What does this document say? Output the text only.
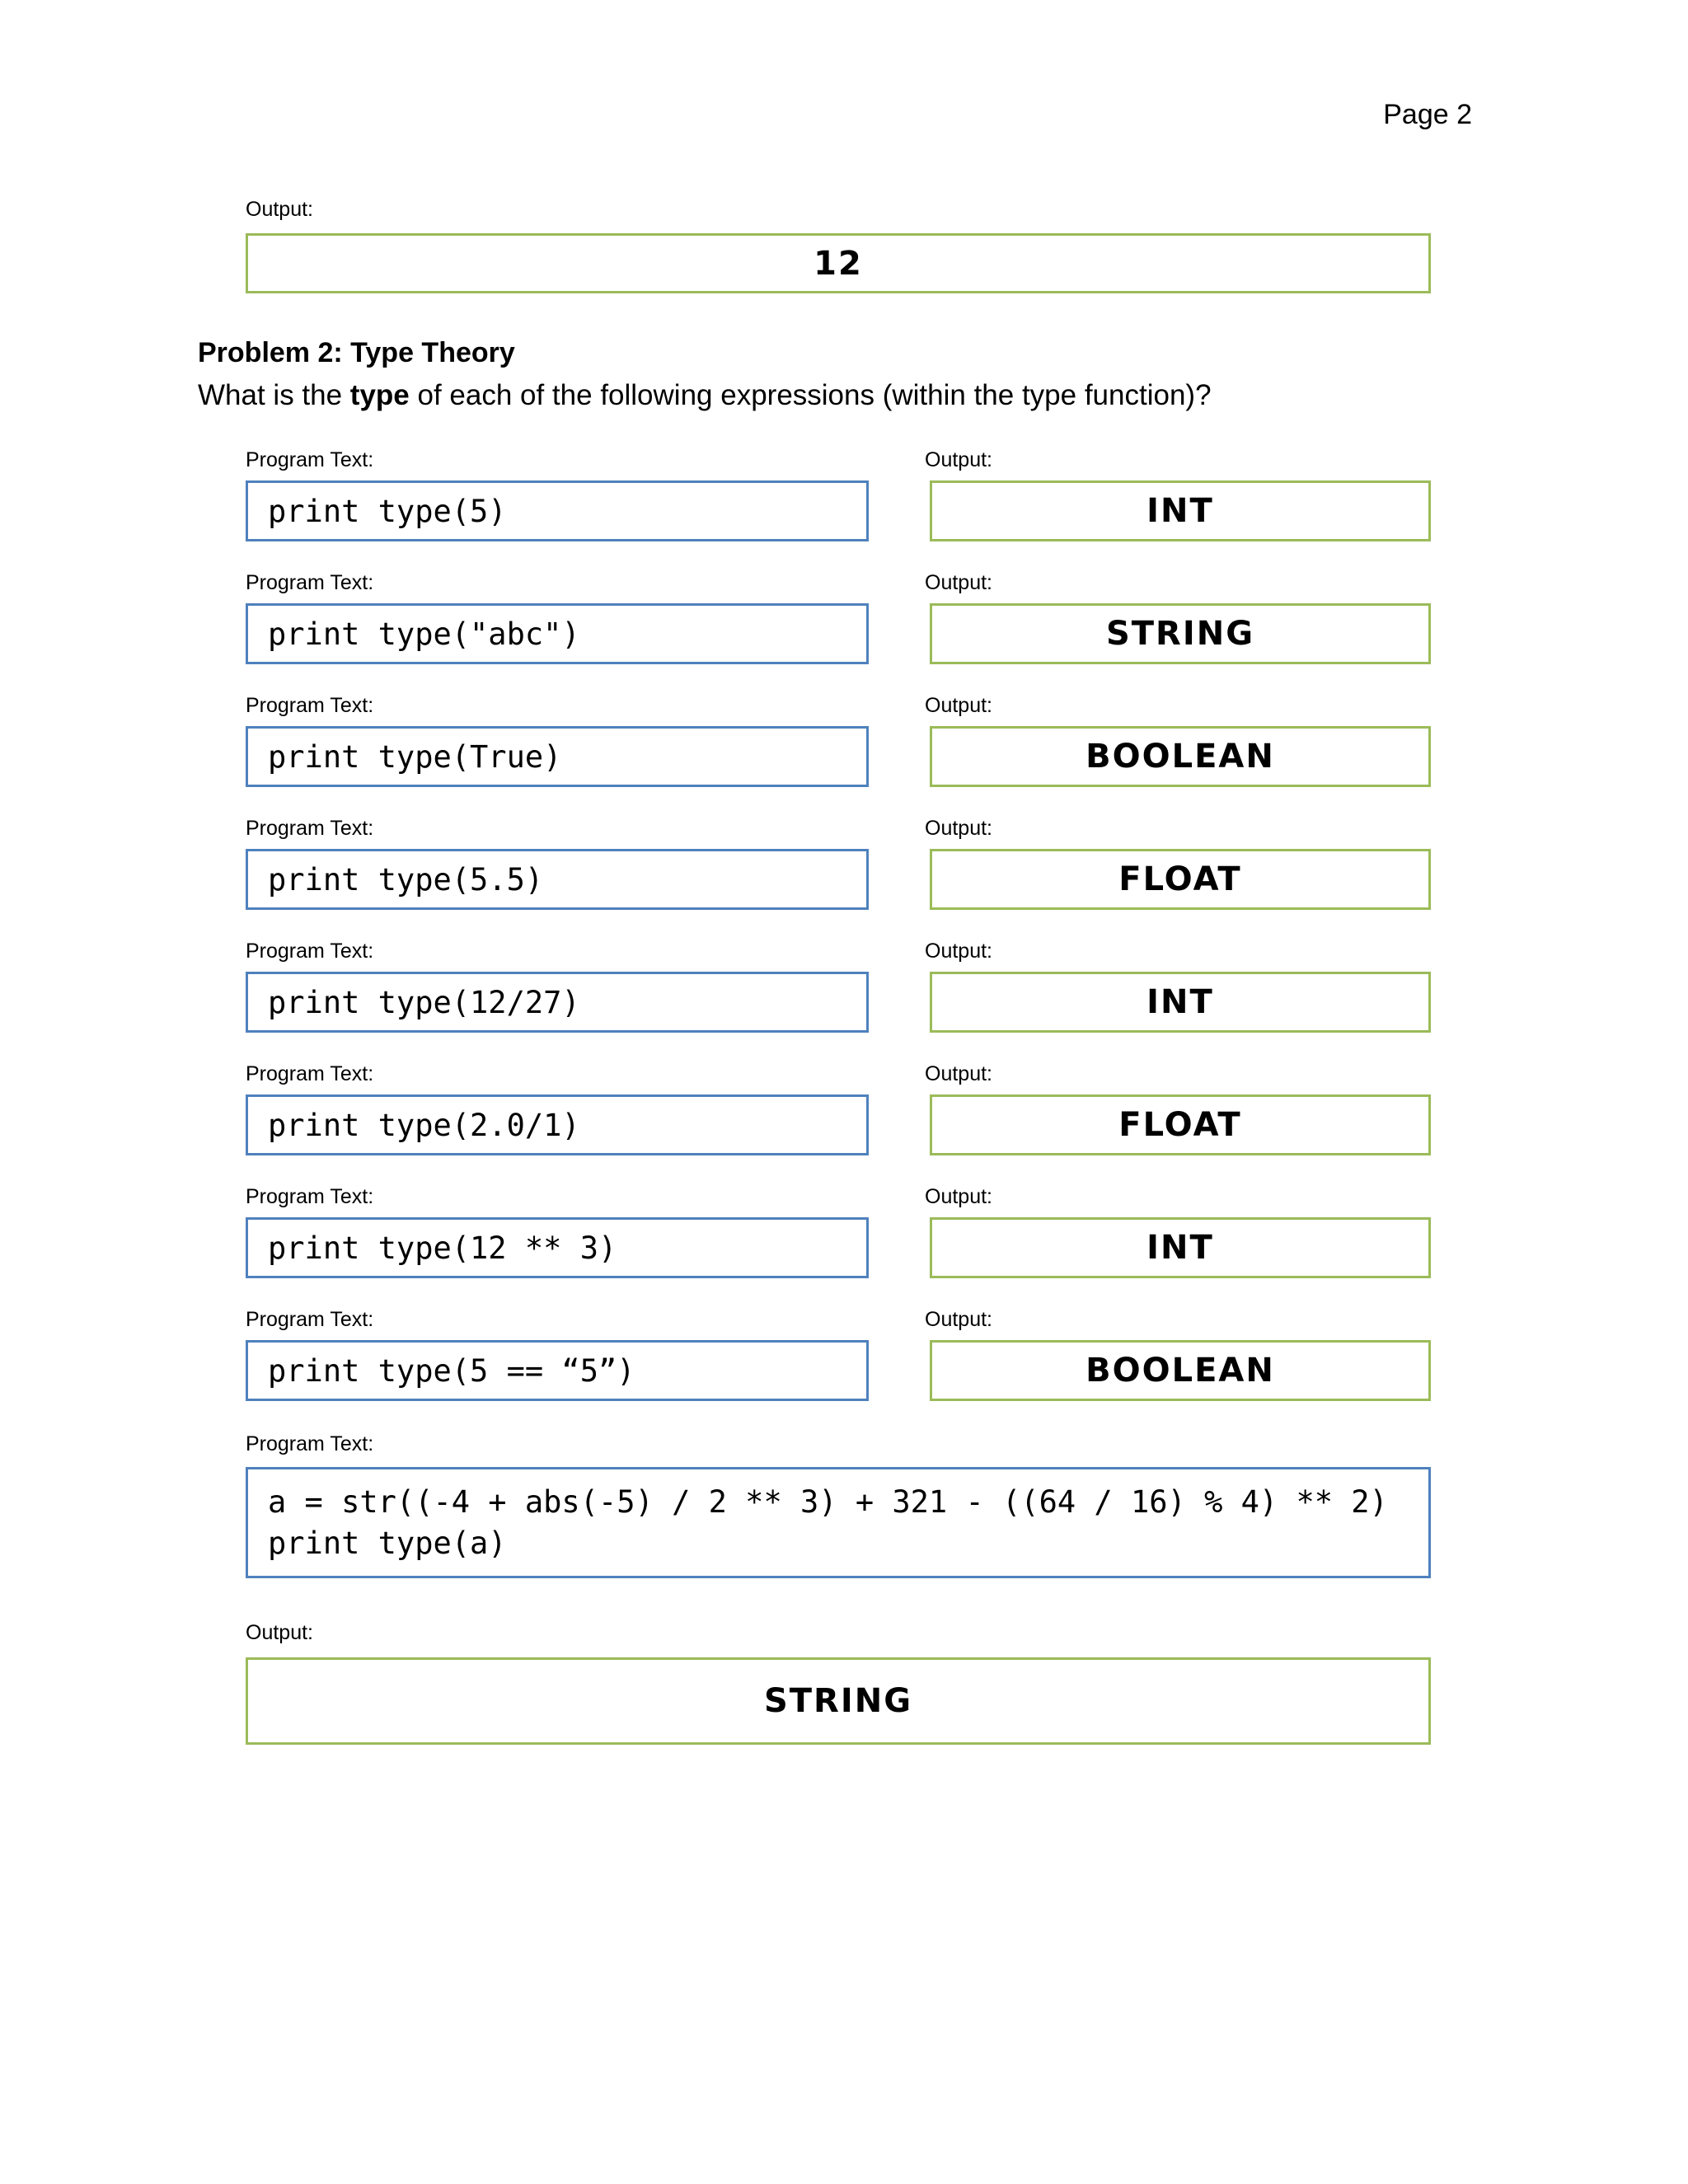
Page 2
Output:
12
Problem 2: Type Theory
What is the type of each of the following expressions (within the type function)?
Program Text:
print type(5)
Output:
INT
Program Text:
print type("abc")
Output:
STRING
Program Text:
print type(True)
Output:
BOOLEAN
Program Text:
print type(5.5)
Output:
FLOAT
Program Text:
print type(12/27)
Output:
INT
Program Text:
print type(2.0/1)
Output:
FLOAT
Program Text:
print type(12 ** 3)
Output:
INT
Program Text:
print type(5 == “5”)
Output:
BOOLEAN
Program Text:
a = str((-4 + abs(-5) / 2 ** 3) + 321 - ((64 / 16) % 4) ** 2)
print type(a)
Output:
STRING
